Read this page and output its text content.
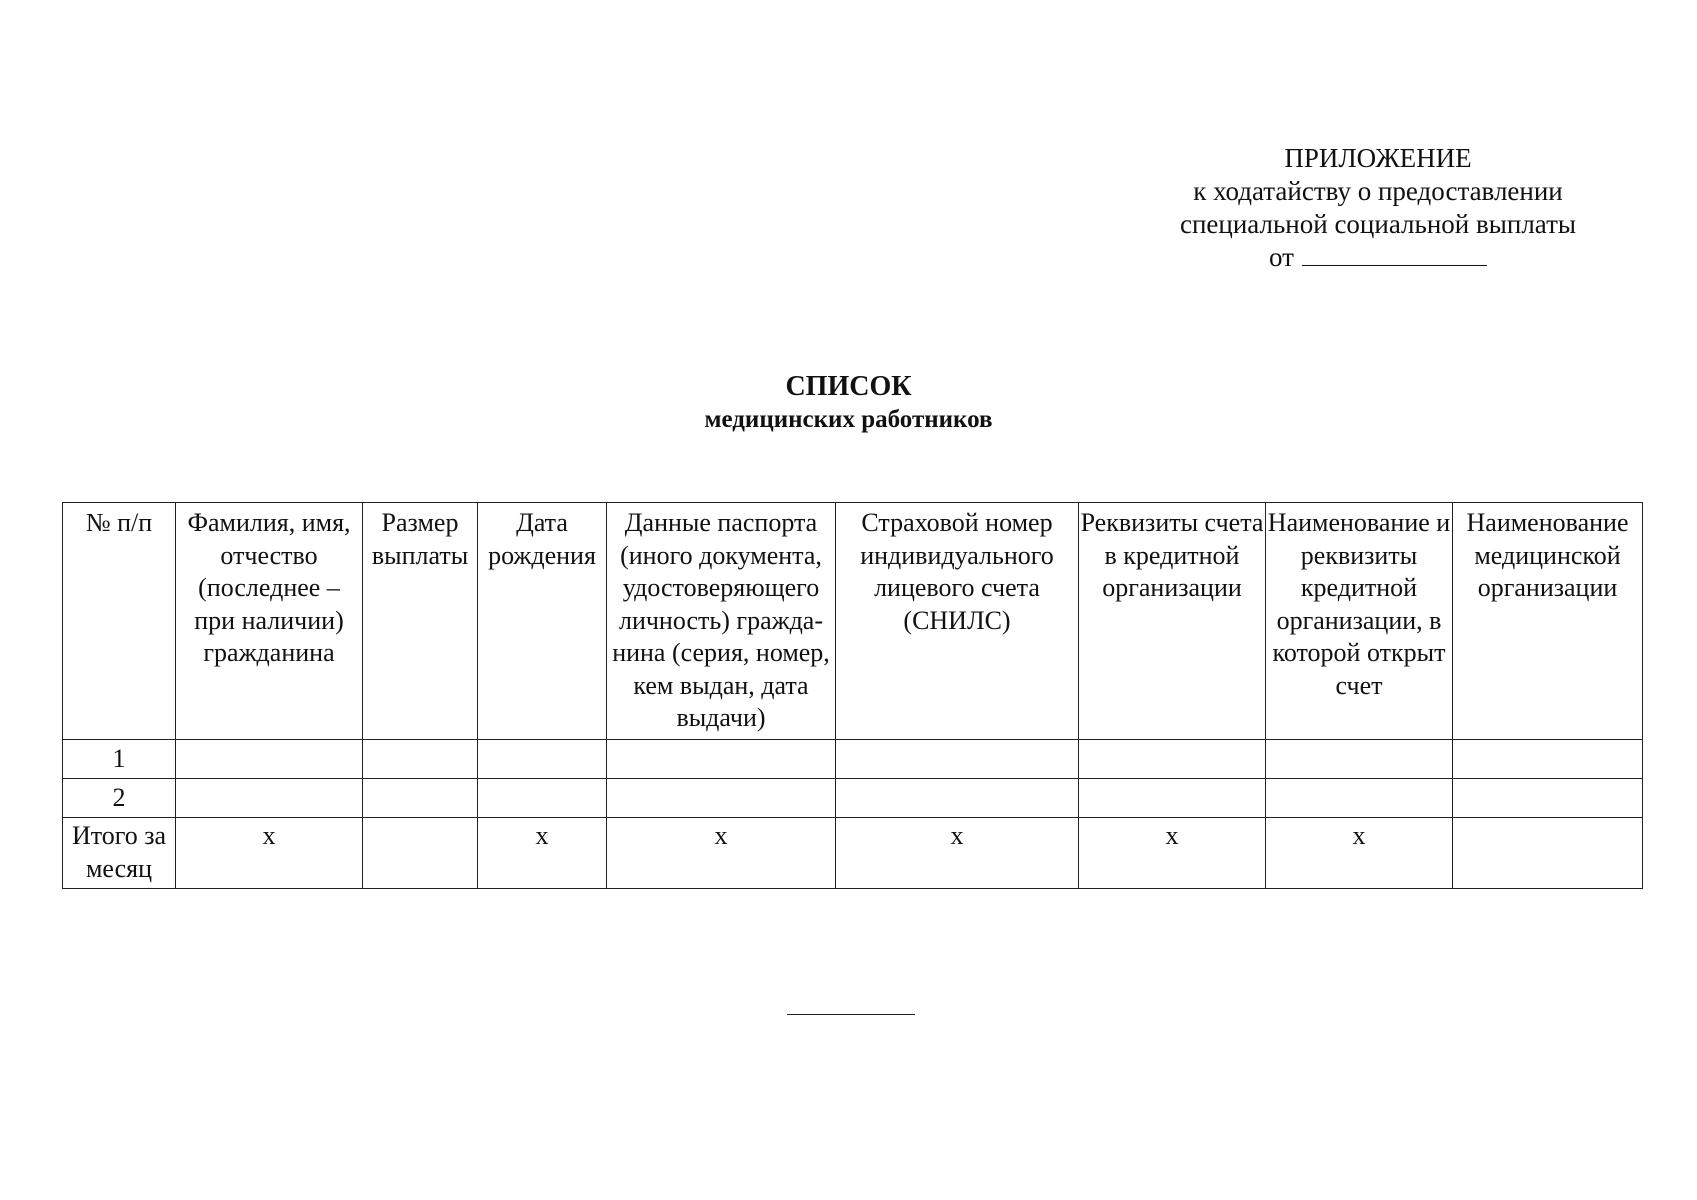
ПРИЛОЖЕНИЕ
к ходатайству о предоставлении
специальной социальной выплаты
от
СПИСОК
медицинских работников
№ п/п	Фамилия, имя, отчество (последнее – при наличии) гражданина	Размер выплаты	Дата рождения	Данные паспорта (иного документа, удостоверяющего личность) гражда-нина (серия, номер, кем выдан, дата выдачи)	Страховой номер индивидуального лицевого счета (СНИЛС)	Реквизиты счета в кредитной организации	Наименование и реквизиты кредитной организации, в которой открыт счет	Наименование медицинской организации
1								
2								
Итого за месяц	x		x	x	x	x	x	
